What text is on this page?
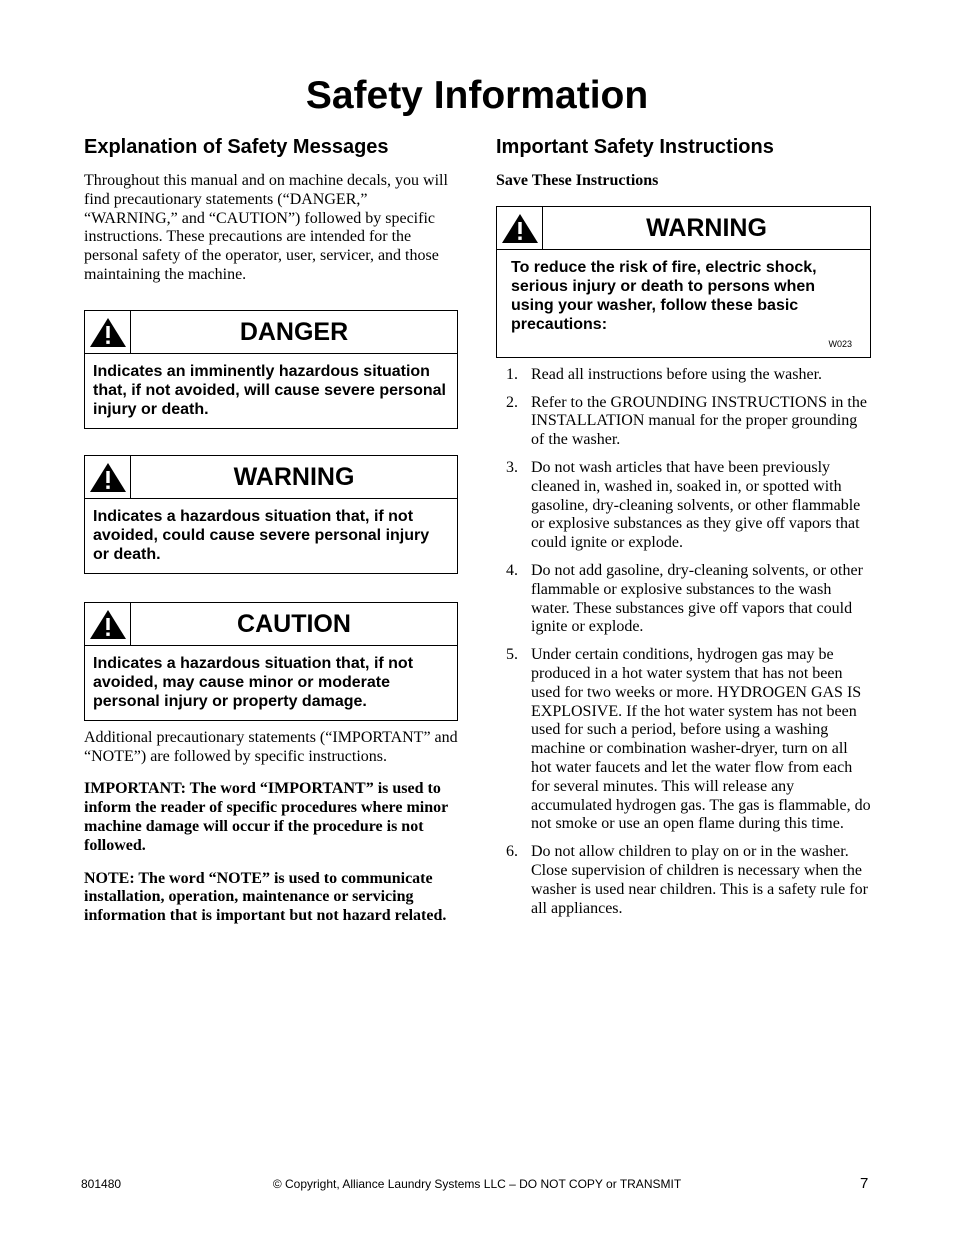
Safety Information
Explanation of Safety Messages

Throughout this manual and on machine decals, you will find precautionary statements (“DANGER,” “WARNING,” and “CAUTION”) followed by specific instructions. These precautions are intended for the personal safety of the operator, user, servicer, and those maintaining the machine.

DANGER
Indicates an imminently hazardous situation that, if not avoided, will cause severe personal injury or death.
WARNING
Indicates a hazardous situation that, if not avoided, could cause severe personal injury or death.
CAUTION
Indicates a hazardous situation that, if not avoided, may cause minor or moderate personal injury or property damage.

Additional precautionary statements (“IMPORTANT” and “NOTE”) are followed by specific instructions.

IMPORTANT: The word “IMPORTANT” is used to inform the reader of specific procedures where minor machine damage will occur if the procedure is not followed.

NOTE: The word “NOTE” is used to communicate installation, operation, maintenance or servicing information that is important but not hazard related.

Important Safety Instructions

Save These Instructions

WARNING
To reduce the risk of fire, electric shock, serious injury or death to persons when using your washer, follow these basic precautions:
W023
1. Read all instructions before using the washer.
2. Refer to the GROUNDING INSTRUCTIONS in the INSTALLATION manual for the proper grounding of the washer.
3. Do not wash articles that have been previously cleaned in, washed in, soaked in, or spotted with gasoline, dry-cleaning solvents, or other flammable or explosive substances as they give off vapors that could ignite or explode.
4. Do not add gasoline, dry-cleaning solvents, or other flammable or explosive substances to the wash water. These substances give off vapors that could ignite or explode.
5. Under certain conditions, hydrogen gas may be produced in a hot water system that has not been used for two weeks or more. HYDROGEN GAS IS EXPLOSIVE. If the hot water system has not been used for such a period, before using a washing machine or combination washer-dryer, turn on all hot water faucets and let the water flow from each for several minutes. This will release any accumulated hydrogen gas. The gas is flammable, do not smoke or use an open flame during this time.
6. Do not allow children to play on or in the washer. Close supervision of children is necessary when the washer is used near children. This is a safety rule for all appliances.
801480	© Copyright, Alliance Laundry Systems LLC – DO NOT COPY or TRANSMIT	7
